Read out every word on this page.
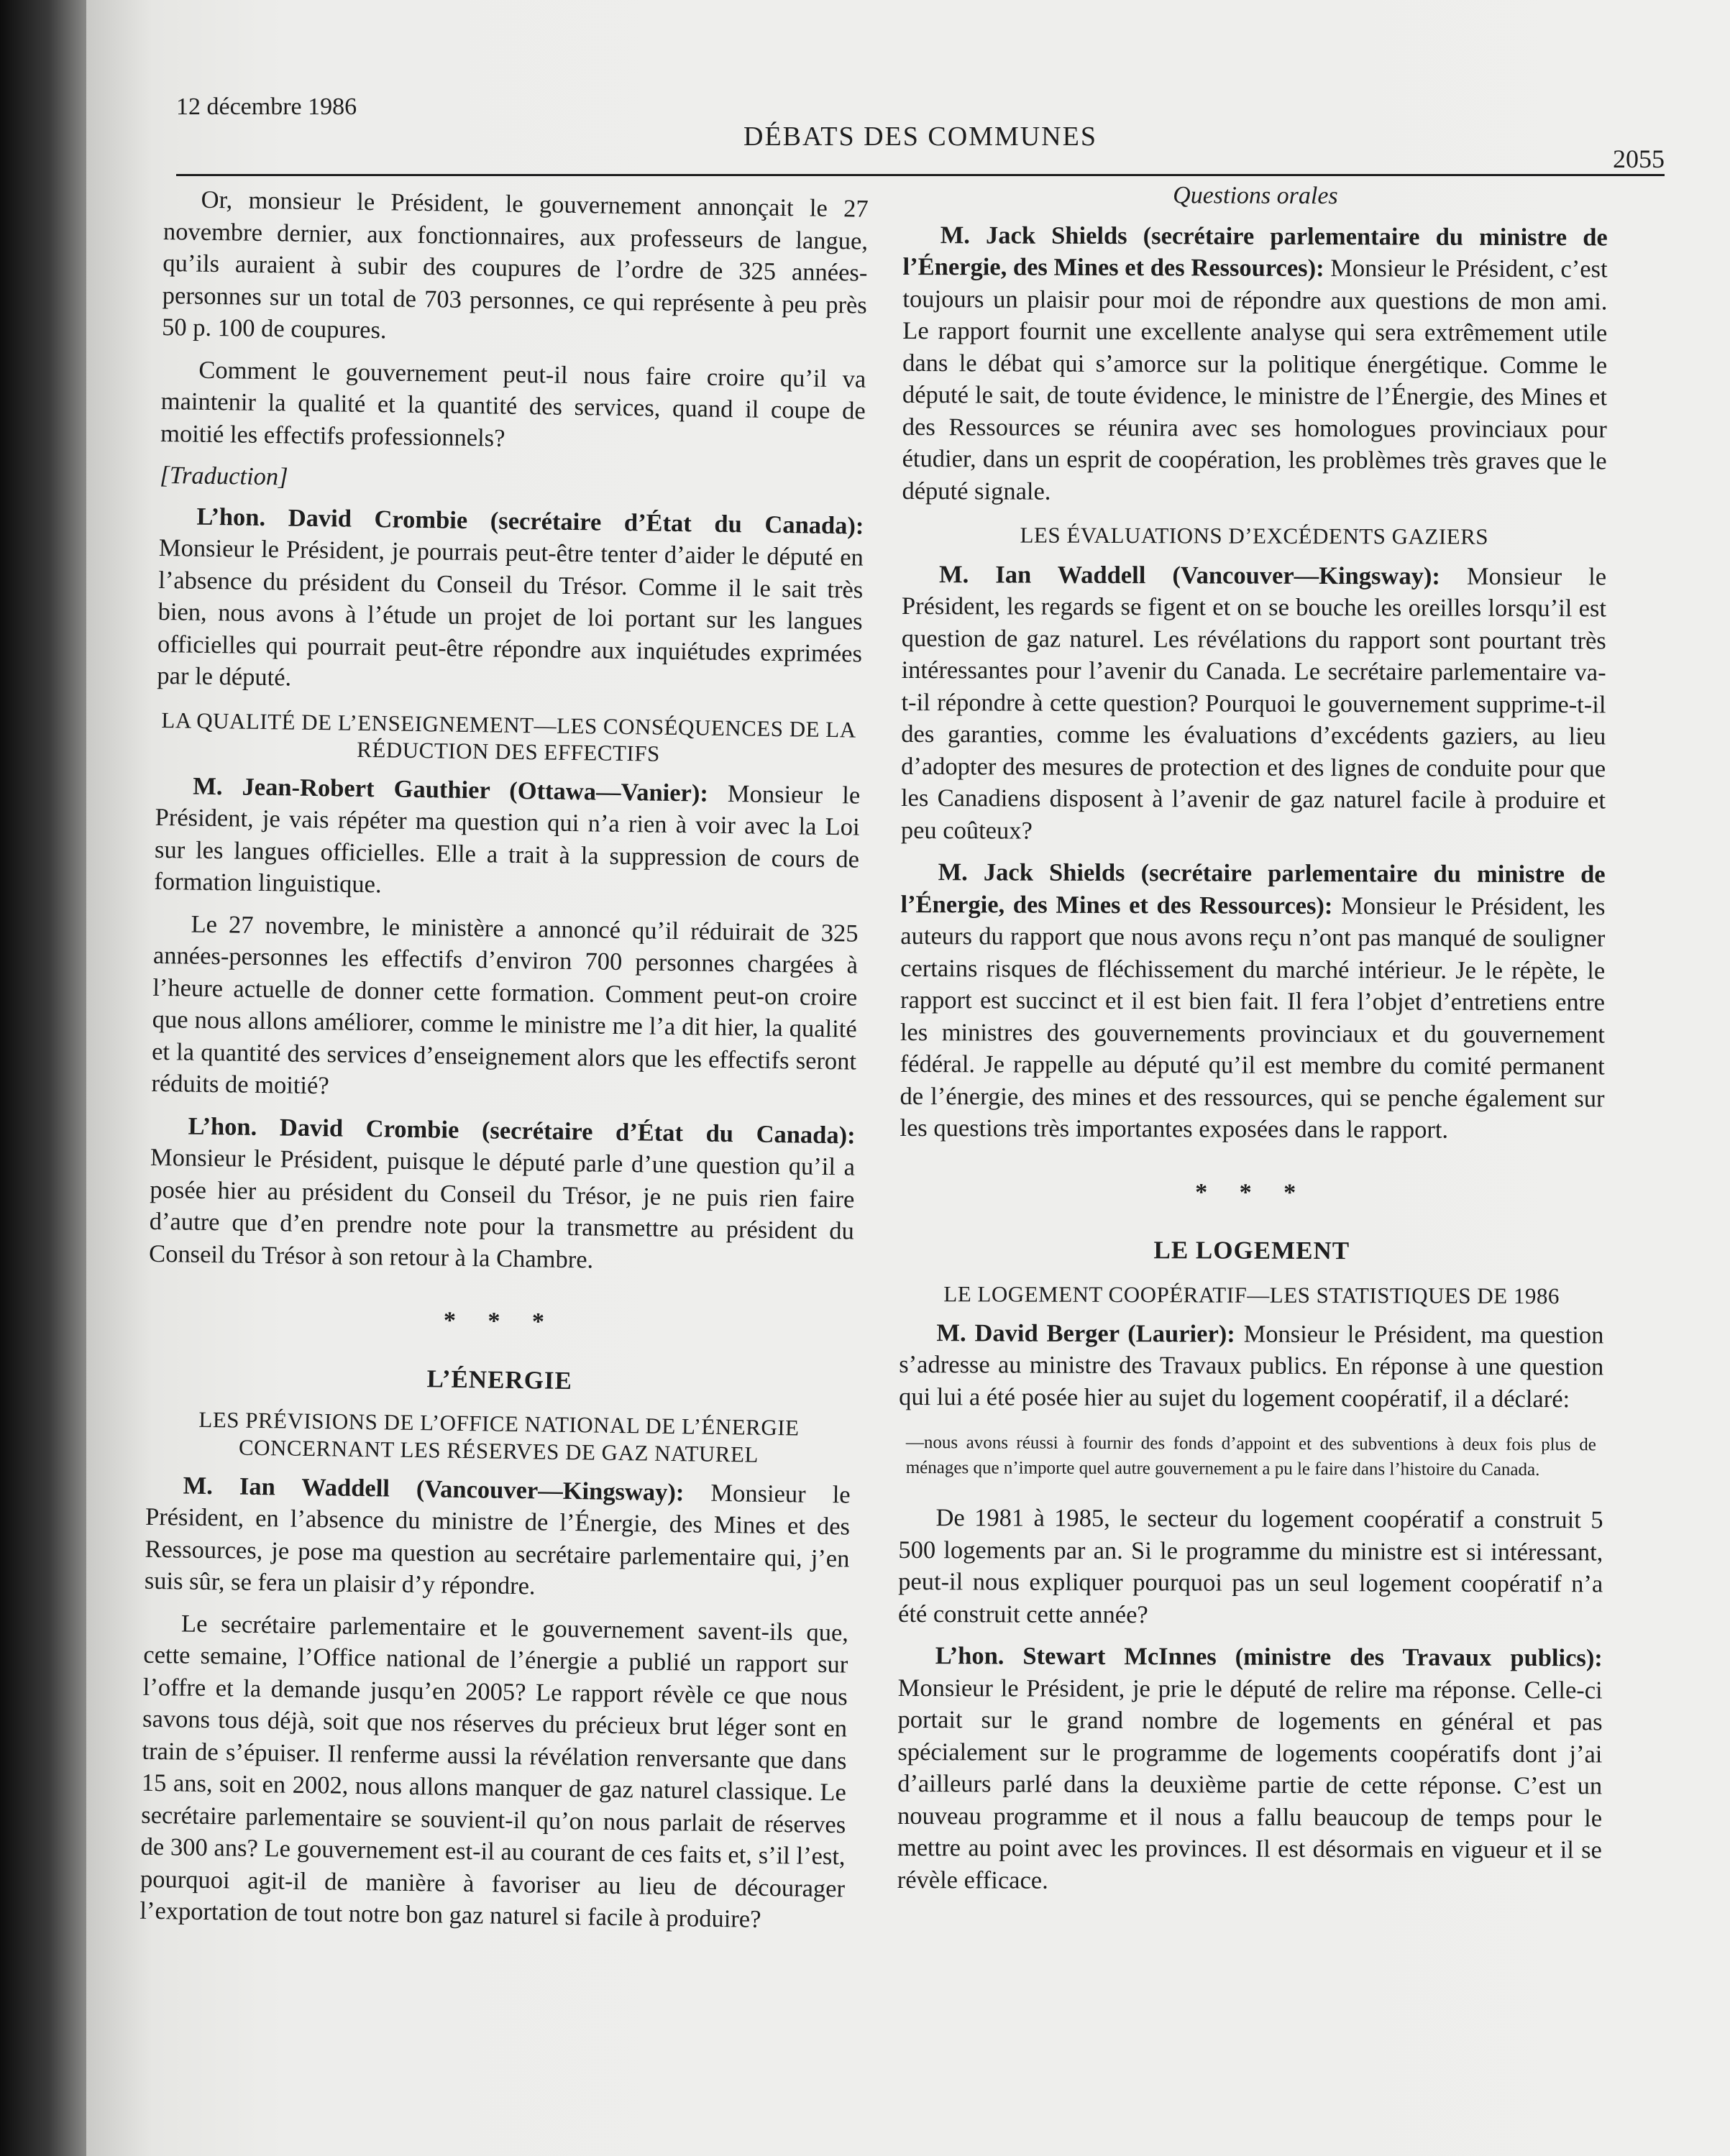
12 décembre 1986
DÉBATS DES COMMUNES
2055

Or, monsieur le Président, le gouvernement annonçait le 27 novembre dernier, aux fonctionnaires, aux professeurs de langue, qu’ils auraient à subir des coupures de l’ordre de 325 années-personnes sur un total de 703 personnes, ce qui représente à peu près 50 p. 100 de coupures.

Comment le gouvernement peut-il nous faire croire qu’il va maintenir la qualité et la quantité des services, quand il coupe de moitié les effectifs professionnels?

[Traduction]

L’hon. David Crombie (secrétaire d’État du Canada): Monsieur le Président, je pourrais peut-être tenter d’aider le député en l’absence du président du Conseil du Trésor. Comme il le sait très bien, nous avons à l’étude un projet de loi portant sur les langues officielles qui pourrait peut-être répondre aux inquiétudes exprimées par le député.

LA QUALITÉ DE L’ENSEIGNEMENT—LES CONSÉQUENCES DE LA RÉDUCTION DES EFFECTIFS

M. Jean-Robert Gauthier (Ottawa—Vanier): Monsieur le Président, je vais répéter ma question qui n’a rien à voir avec la Loi sur les langues officielles. Elle a trait à la suppression de cours de formation linguistique.

Le 27 novembre, le ministère a annoncé qu’il réduirait de 325 années-personnes les effectifs d’environ 700 personnes chargées à l’heure actuelle de donner cette formation. Comment peut-on croire que nous allons améliorer, comme le ministre me l’a dit hier, la qualité et la quantité des services d’enseignement alors que les effectifs seront réduits de moitié?

L’hon. David Crombie (secrétaire d’État du Canada): Monsieur le Président, puisque le député parle d’une question qu’il a posée hier au président du Conseil du Trésor, je ne puis rien faire d’autre que d’en prendre note pour la transmettre au président du Conseil du Trésor à son retour à la Chambre.

* * *
L’ÉNERGIE
LES PRÉVISIONS DE L’OFFICE NATIONAL DE L’ÉNERGIE CONCERNANT LES RÉSERVES DE GAZ NATUREL

M. Ian Waddell (Vancouver—Kingsway): Monsieur le Président, en l’absence du ministre de l’Énergie, des Mines et des Ressources, je pose ma question au secrétaire parlementaire qui, j’en suis sûr, se fera un plaisir d’y répondre.

Le secrétaire parlementaire et le gouvernement savent-ils que, cette semaine, l’Office national de l’énergie a publié un rapport sur l’offre et la demande jusqu’en 2005? Le rapport révèle ce que nous savons tous déjà, soit que nos réserves du précieux brut léger sont en train de s’épuiser. Il renferme aussi la révélation renversante que dans 15 ans, soit en 2002, nous allons manquer de gaz naturel classique. Le secrétaire parlementaire se souvient-il qu’on nous parlait de réserves de 300 ans? Le gouvernement est-il au courant de ces faits et, s’il l’est, pourquoi agit-il de manière à favoriser au lieu de décourager l’exportation de tout notre bon gaz naturel si facile à produire?

Questions orales

M. Jack Shields (secrétaire parlementaire du ministre de l’Énergie, des Mines et des Ressources): Monsieur le Président, c’est toujours un plaisir pour moi de répondre aux questions de mon ami. Le rapport fournit une excellente analyse qui sera extrêmement utile dans le débat qui s’amorce sur la politique énergétique. Comme le député le sait, de toute évidence, le ministre de l’Énergie, des Mines et des Ressources se réunira avec ses homologues provinciaux pour étudier, dans un esprit de coopération, les problèmes très graves que le député signale.

LES ÉVALUATIONS D’EXCÉDENTS GAZIERS

M. Ian Waddell (Vancouver—Kingsway): Monsieur le Président, les regards se figent et on se bouche les oreilles lorsqu’il est question de gaz naturel. Les révélations du rapport sont pourtant très intéressantes pour l’avenir du Canada. Le secrétaire parlementaire va-t-il répondre à cette question? Pourquoi le gouvernement supprime-t-il des garanties, comme les évaluations d’excédents gaziers, au lieu d’adopter des mesures de protection et des lignes de conduite pour que les Canadiens disposent à l’avenir de gaz naturel facile à produire et peu coûteux?

M. Jack Shields (secrétaire parlementaire du ministre de l’Énergie, des Mines et des Ressources): Monsieur le Président, les auteurs du rapport que nous avons reçu n’ont pas manqué de souligner certains risques de fléchissement du marché intérieur. Je le répète, le rapport est succinct et il est bien fait. Il fera l’objet d’entretiens entre les ministres des gouvernements provinciaux et du gouvernement fédéral. Je rappelle au député qu’il est membre du comité permanent de l’énergie, des mines et des ressources, qui se penche également sur les questions très importantes exposées dans le rapport.

* * *
LE LOGEMENT
LE LOGEMENT COOPÉRATIF—LES STATISTIQUES DE 1986

M. David Berger (Laurier): Monsieur le Président, ma question s’adresse au ministre des Travaux publics. En réponse à une question qui lui a été posée hier au sujet du logement coopératif, il a déclaré:

—nous avons réussi à fournir des fonds d’appoint et des subventions à deux fois plus de ménages que n’importe quel autre gouvernement a pu le faire dans l’histoire du Canada.

De 1981 à 1985, le secteur du logement coopératif a construit 5 500 logements par an. Si le programme du ministre est si intéressant, peut-il nous expliquer pourquoi pas un seul logement coopératif n’a été construit cette année?

L’hon. Stewart McInnes (ministre des Travaux publics): Monsieur le Président, je prie le député de relire ma réponse. Celle-ci portait sur le grand nombre de logements en général et pas spécialement sur le programme de logements coopératifs dont j’ai d’ailleurs parlé dans la deuxième partie de cette réponse. C’est un nouveau programme et il nous a fallu beaucoup de temps pour le mettre au point avec les provinces. Il est désormais en vigueur et il se révèle efficace.
